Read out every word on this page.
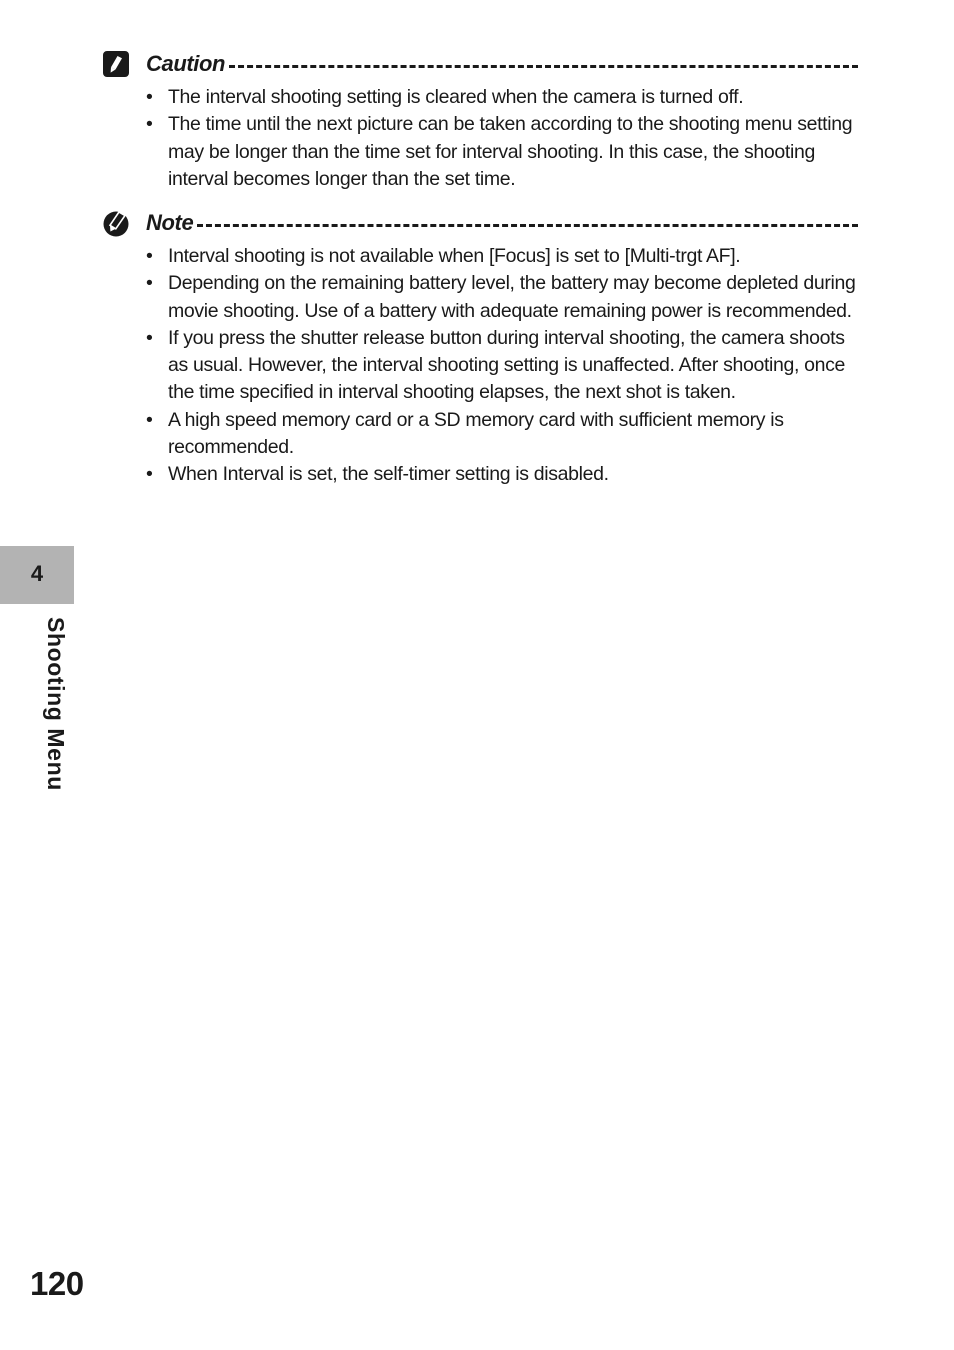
Caution
• The interval shooting setting is cleared when the camera is turned off.
• The time until the next picture can be taken according to the shooting menu setting may be longer than the time set for interval shooting. In this case, the shooting interval becomes longer than the set time.
Note
• Interval shooting is not available when [Focus] is set to [Multi-trgt AF].
• Depending on the remaining battery level, the battery may become depleted during movie shooting. Use of a battery with adequate remaining power is recommended.
• If you press the shutter release button during interval shooting, the camera shoots as usual. However, the interval shooting setting is unaffected. After shooting, once the time specified in interval shooting elapses, the next shot is taken.
• A high speed memory card or a SD memory card with sufficient memory is recommended.
• When Interval is set, the self-timer setting is disabled.
4
Shooting Menu
120
